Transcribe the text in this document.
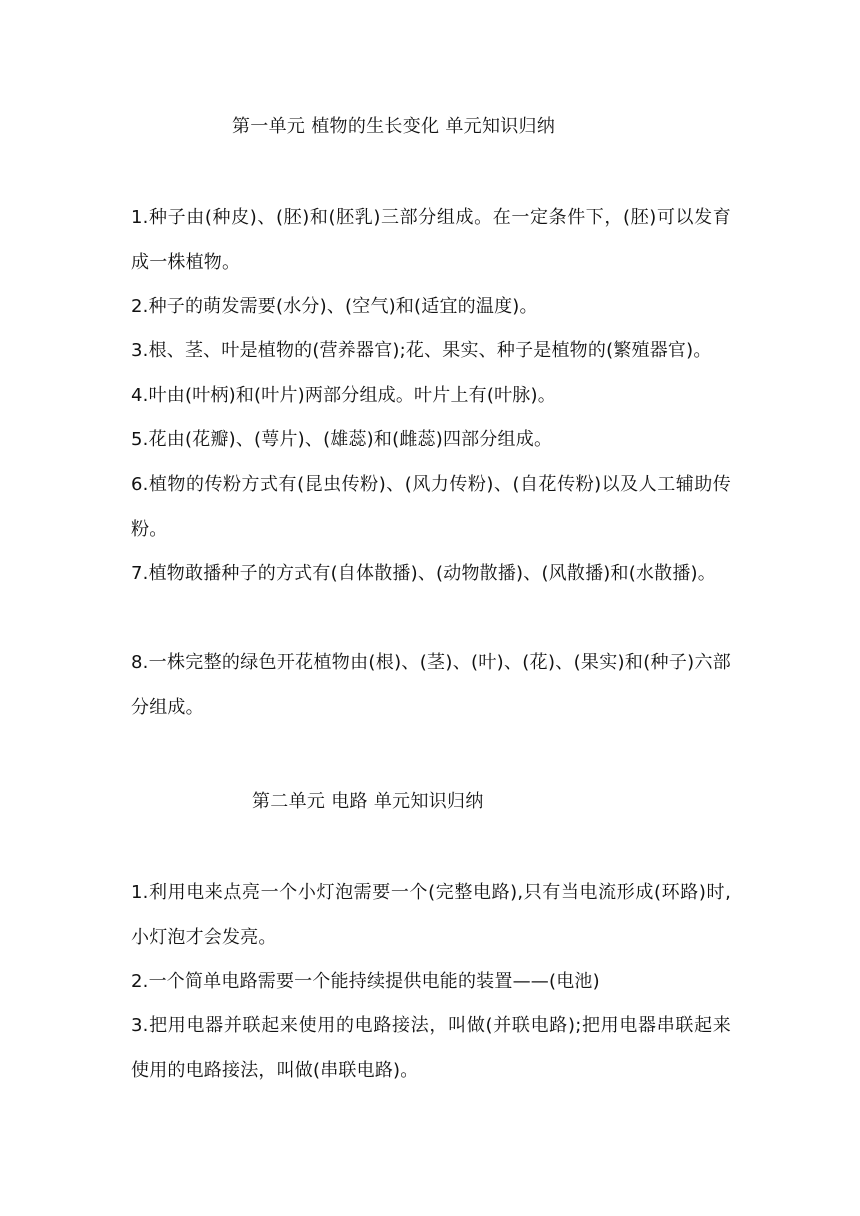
第一单元 植物的生长变化 单元知识归纳
1.种子由(种皮)、(胚)和(胚乳)三部分组成。在一定条件下，(胚)可以发育成一株植物。
2.种子的萌发需要(水分)、(空气)和(适宜的温度)。
3.根、茎、叶是植物的(营养器官);花、果实、种子是植物的(繁殖器官)。
4.叶由(叶柄)和(叶片)两部分组成。叶片上有(叶脉)。
5.花由(花瓣)、(萼片)、(雄蕊)和(雌蕊)四部分组成。
6.植物的传粉方式有(昆虫传粉)、(风力传粉)、(自花传粉)以及人工辅助传粉。
7.植物敢播种子的方式有(自体散播)、(动物散播)、(风散播)和(水散播)。
8.一株完整的绿色开花植物由(根)、(茎)、(叶)、(花)、(果实)和(种子)六部分组成。
第二单元 电路 单元知识归纳
1.利用电来点亮一个小灯泡需要一个(完整电路),只有当电流形成(环路)时,小灯泡才会发亮。
2.一个简单电路需要一个能持续提供电能的装置——(电池)
3.把用电器并联起来使用的电路接法，叫做(并联电路);把用电器串联起来使用的电路接法，叫做(串联电路)。
